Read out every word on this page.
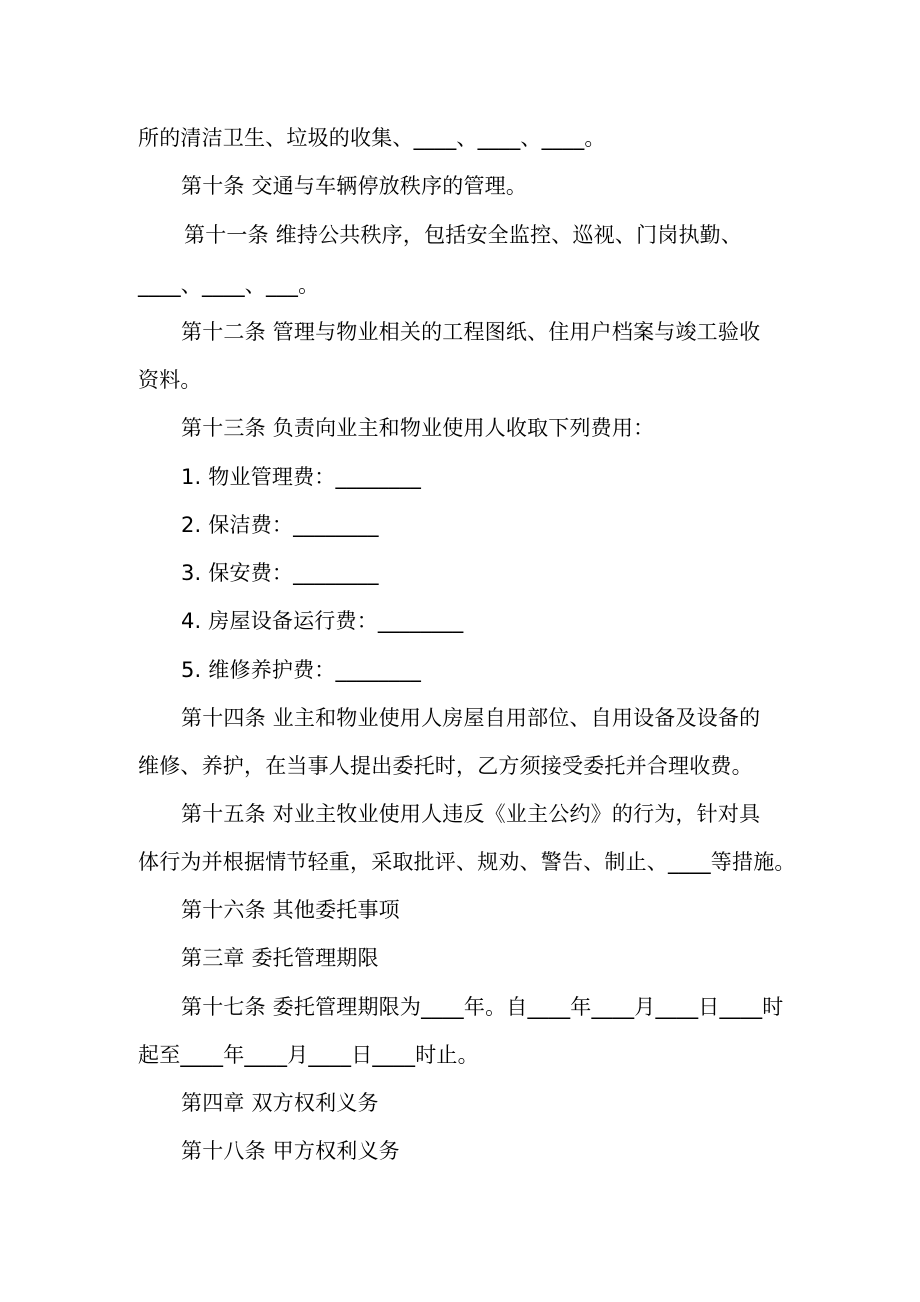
所的清洁卫生、垃圾的收集、____、____、____。
第十条 交通与车辆停放秩序的管理。
第十一条 维持公共秩序，包括安全监控、巡视、门岗执勤、
____、____、___。
第十二条 管理与物业相关的工程图纸、住用户档案与竣工验收
资料。
第十三条 负责向业主和物业使用人收取下列费用：
1. 物业管理费：________
2. 保洁费：________
3. 保安费：________
4. 房屋设备运行费：________
5. 维修养护费：________
第十四条 业主和物业使用人房屋自用部位、自用设备及设备的
维修、养护，在当事人提出委托时，乙方须接受委托并合理收费。
第十五条 对业主牧业使用人违反《业主公约》的行为，针对具
体行为并根据情节轻重，采取批评、规劝、警告、制止、____等措施。
第十六条 其他委托事项
第三章 委托管理期限
第十七条 委托管理期限为____年。自____年____月____日____时
起至____年____月____日____时止。
第四章 双方权利义务
第十八条 甲方权利义务
